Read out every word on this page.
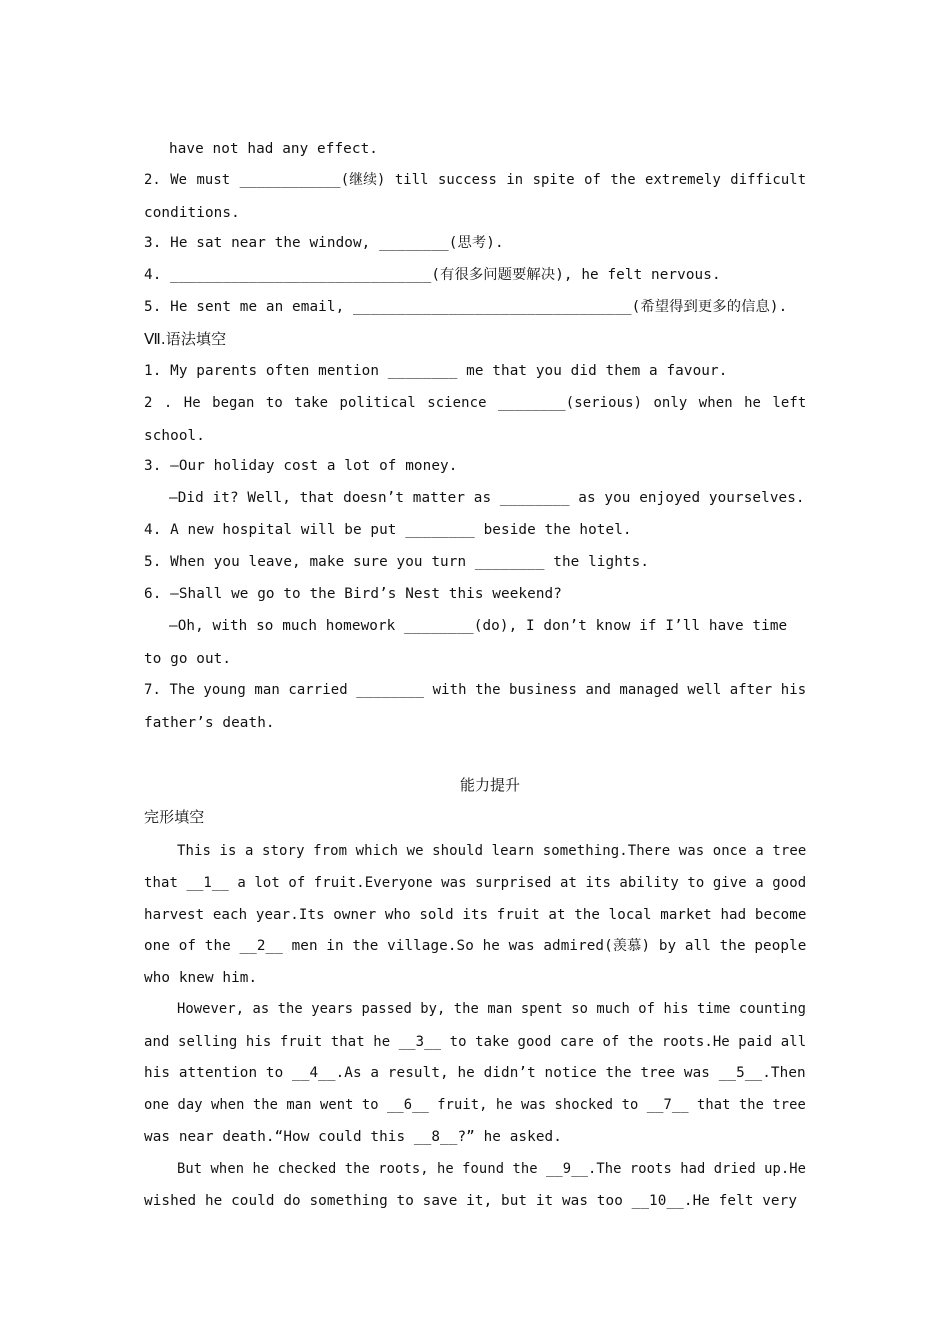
have not had any effect.
2. We must ____________(继续) till success in spite of the extremely difficult
conditions.
3. He sat near the window, ________(思考).
4. ______________________________(有很多问题要解决), he felt nervous.
5. He sent me an email, ________________________________(希望得到更多的信息).
Ⅶ.语法填空
1. My parents often mention ________ me that you did them a favour.
2 . He began to take political science ________(serious) only when he left
school.
3. —Our holiday cost a lot of money.
—Did it? Well, that doesn’t matter as ________ as you enjoyed yourselves.
4. A new hospital will be put ________ beside the hotel.
5. When you leave, make sure you turn ________ the lights.
6. —Shall we go to the Bird’s Nest this weekend?
—Oh, with so much homework ________(do), I don’t know if I’ll have time
to go out.
7. The young man carried ________ with the business and managed well after his
father’s death.
能力提升
完形填空
This is a story from which we should learn something.There was once a tree
that __1__ a lot of fruit.Everyone was surprised at its ability to give a good
harvest each year.Its owner who sold its fruit at the local market had become
one of the __2__ men in the village.So he was admired(羡慕) by all the people
who knew him.
However, as the years passed by, the man spent so much of his time counting
and selling his fruit that he __3__ to take good care of the roots.He paid all
his attention to __4__.As a result, he didn’t notice the tree was __5__.Then
one day when the man went to __6__ fruit, he was shocked to __7__ that the tree
was near death.“How could this __8__?” he asked.
But when he checked the roots, he found the __9__.The roots had dried up.He
wished he could do something to save it, but it was too __10__.He felt very
